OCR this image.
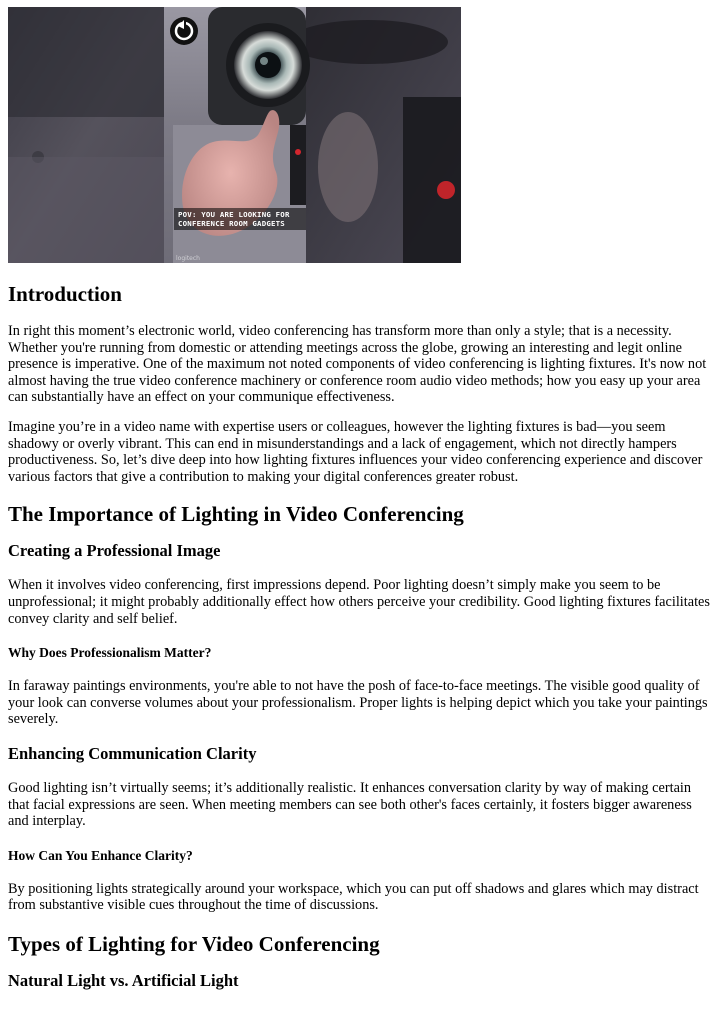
logitech
POV: YOU ARE LOOKING FOR CONFERENCE ROOM GADGETS
Introduction

In right this moment’s electronic world, video conferencing has transform more than only a style; that is a necessity. Whether you're running from domestic or attending meetings across the globe, growing an interesting and legit online presence is imperative. One of the maximum not noted components of video conferencing is lighting fixtures. It's now not almost having the true video conference machinery or conference room audio video methods; how you easy up your area can substantially have an effect on your communique effectiveness.

Imagine you’re in a video name with expertise users or colleagues, however the lighting fixtures is bad—you seem shadowy or overly vibrant. This can end in misunderstandings and a lack of engagement, which not directly hampers productiveness. So, let’s dive deep into how lighting fixtures influences your video conferencing experience and discover various factors that give a contribution to making your digital conferences greater robust.

The Importance of Lighting in Video Conferencing
Creating a Professional Image

When it involves video conferencing, first impressions depend. Poor lighting doesn’t simply make you seem to be unprofessional; it might probably additionally effect how others perceive your credibility. Good lighting fixtures facilitates convey clarity and self belief.

Why Does Professionalism Matter?

In faraway paintings environments, you're able to not have the posh of face-to-face meetings. The visible good quality of your look can converse volumes about your professionalism. Proper lights is helping depict which you take your paintings severely.

Enhancing Communication Clarity

Good lighting isn’t virtually seems; it’s additionally realistic. It enhances conversation clarity by way of making certain that facial expressions are seen. When meeting members can see both other's faces certainly, it fosters bigger awareness and interplay.

How Can You Enhance Clarity?

By positioning lights strategically around your workspace, which you can put off shadows and glares which may distract from substantive visible cues throughout the time of discussions.

Types of Lighting for Video Conferencing
Natural Light vs. Artificial Light
